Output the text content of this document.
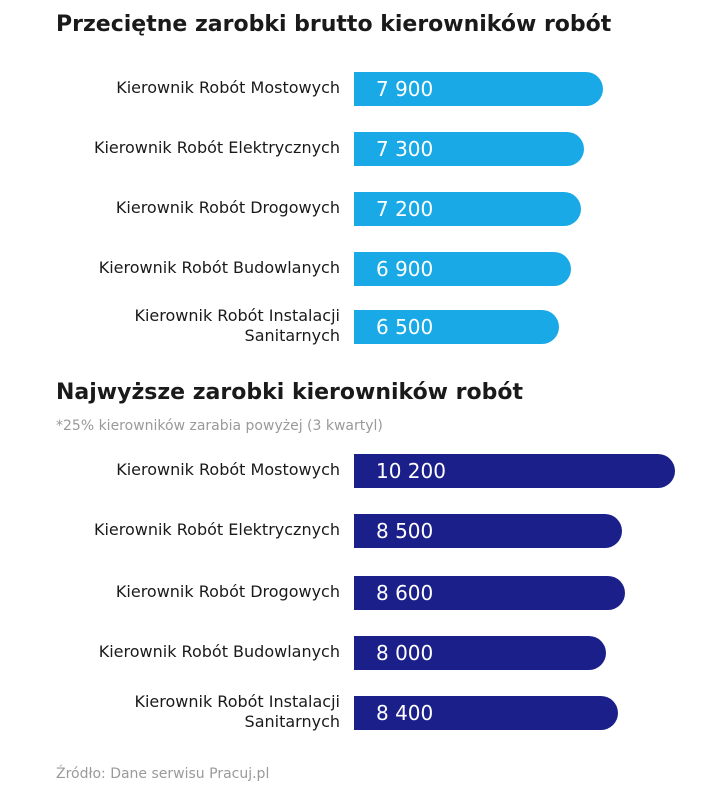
Przeciętne zarobki brutto kierowników robót
Kierownik Robót Mostowych 7 900
Kierownik Robót Elektrycznych 7 300
Kierownik Robót Drogowych 7 200
Kierownik Robót Budowlanych 6 900
Kierownik Robót Instalacji Sanitarnych 6 500
Najwyższe zarobki kierowników robót
*25% kierowników zarabia powyżej (3 kwartyl)
Kierownik Robót Mostowych 10 200
Kierownik Robót Elektrycznych 8 500
Kierownik Robót Drogowych 8 600
Kierownik Robót Budowlanych 8 000
Kierownik Robót Instalacji Sanitarnych 8 400
Źródło: Dane serwisu Pracuj.pl
